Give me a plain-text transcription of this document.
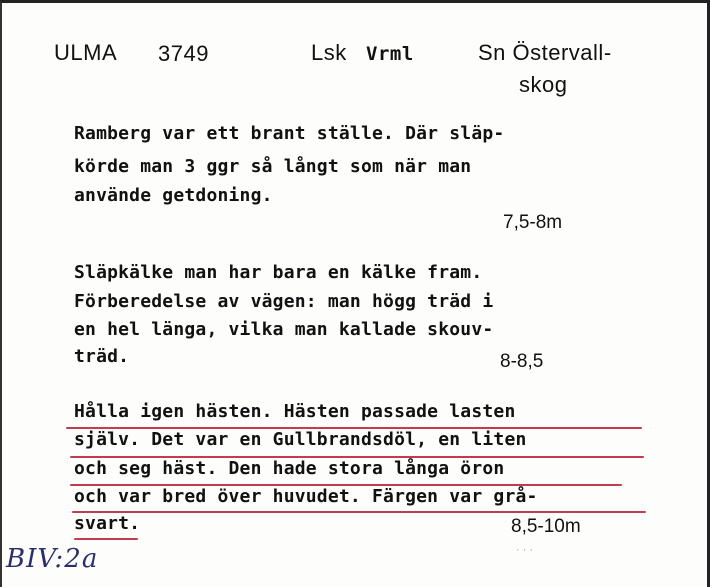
ULMA 3749	Lsk Vrml	Sn Östervall-
skog
Ramberg var ett brant ställe. Där släp-
körde man 3 ggr så långt som när man
använde getdoning.
7,5-8m
Släpkälke man har bara en kälke fram.
Förberedelse av vägen: man högg träd i
en hel länga, vilka man kallade skouv-
träd.	8-8,5
Hålla igen hästen. Hästen passade lasten
själv. Det var en Gullbrandsdöl, en liten
och seg häst. Den hade stora långa öron
och var bred över huvudet. Färgen var grå-
svart.	8,5-10m
BIV:2a	· · ·
